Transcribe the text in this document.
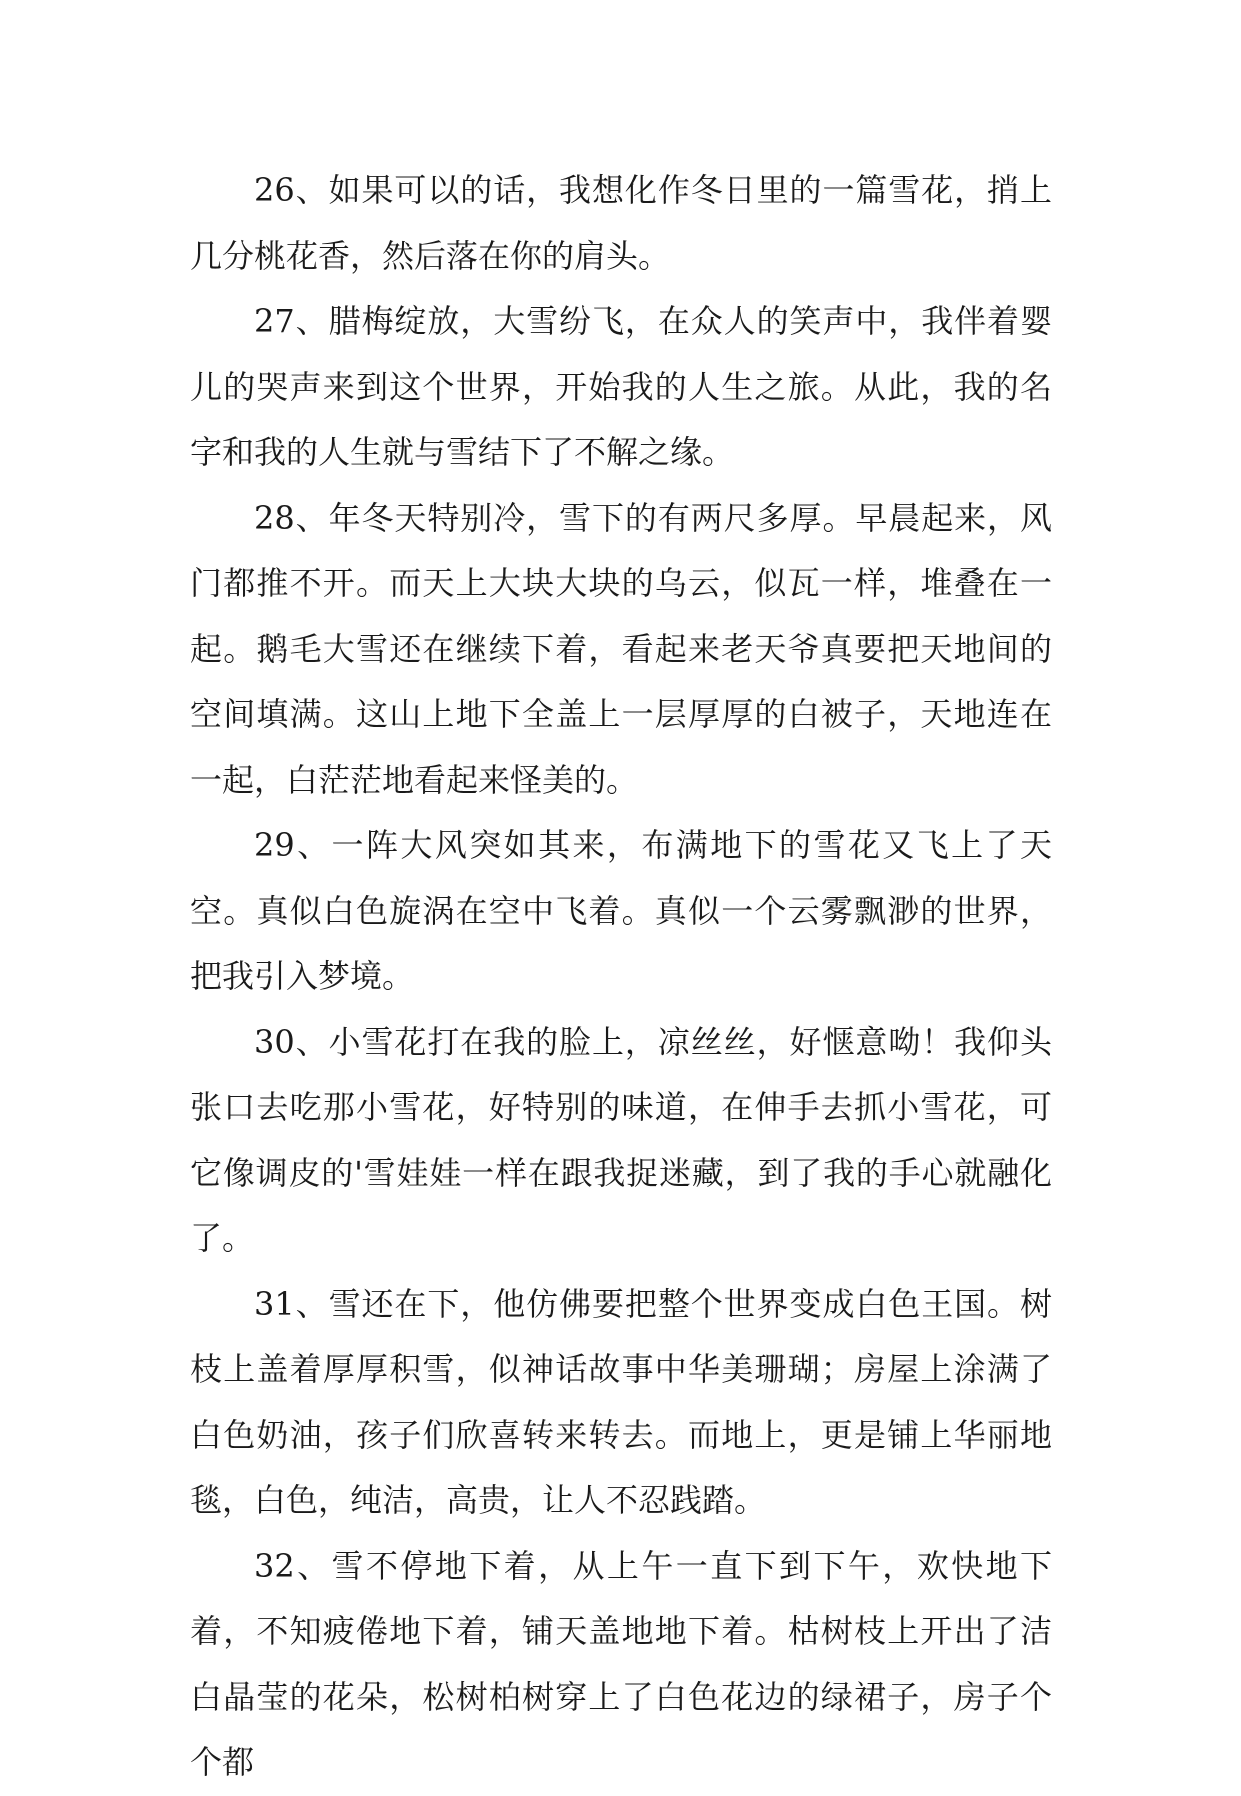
26、如果可以的话，我想化作冬日里的一篇雪花，捎上几分桃花香，然后落在你的肩头。

27、腊梅绽放，大雪纷飞，在众人的笑声中，我伴着婴儿的哭声来到这个世界，开始我的人生之旅。从此，我的名字和我的人生就与雪结下了不解之缘。

28、年冬天特别冷，雪下的有两尺多厚。早晨起来，风门都推不开。而天上大块大块的乌云，似瓦一样，堆叠在一起。鹅毛大雪还在继续下着，看起来老天爷真要把天地间的空间填满。这山上地下全盖上一层厚厚的白被子，天地连在一起，白茫茫地看起来怪美的。

29、一阵大风突如其来，布满地下的雪花又飞上了天空。真似白色旋涡在空中飞着。真似一个云雾飘渺的世界，把我引入梦境。

30、小雪花打在我的脸上，凉丝丝，好惬意呦！我仰头张口去吃那小雪花，好特别的味道，在伸手去抓小雪花，可它像调皮的'雪娃娃一样在跟我捉迷藏，到了我的手心就融化了。

31、雪还在下，他仿佛要把整个世界变成白色王国。树枝上盖着厚厚积雪，似神话故事中华美珊瑚；房屋上涂满了白色奶油，孩子们欣喜转来转去。而地上，更是铺上华丽地毯，白色，纯洁，高贵，让人不忍践踏。

32、雪不停地下着，从上午一直下到下午，欢快地下着，不知疲倦地下着，铺天盖地地下着。枯树枝上开出了洁白晶莹的花朵，松树柏树穿上了白色花边的绿裙子，房子个个都
